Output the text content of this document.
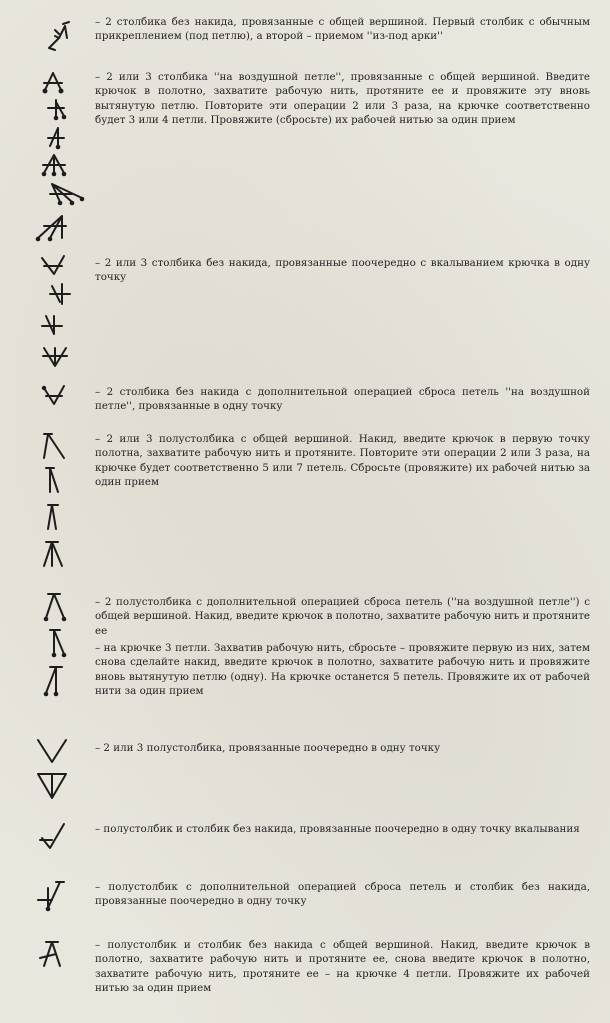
– 2 столбика без накида, провязанные с общей вершиной. Первый столбик с обычным прикреплением (под петлю), а второй – приемом ''из-под арки''

– 2 или 3 столбика ''на воздушной петле'', провязанные с общей вершиной. Введите крючок в полотно, захватите рабочую нить, протяните ее и провяжите эту вновь вытянутую петлю. Повторите эти операции 2 или 3 раза, на крючке соответственно будет 3 или 4 петли. Провяжите (сбросьте) их рабочей нитью за один прием

– 2 или 3 столбика без накида, провязанные поочередно с вкалыванием крючка в одну точку

– 2 столбика без накида с дополнительной операцией сброса петель ''на воздушной петле'', провязанные в одну точку

– 2 или 3 полустолбика с общей вершиной. Накид, введите крючок в первую точку полотна, захватите рабочую нить и протяните. Повторите эти операции 2 или 3 раза, на крючке будет соответственно 5 или 7 петель. Сбросьте (провяжите) их рабочей нитью за один прием

– 2 полустолбика с дополнительной операцией сброса петель (''на воздушной петле'') с общей вершиной. Накид, введите крючок в полотно, захватите рабочую нить и протяните ее

– на крючке 3 петли. Захватив рабочую нить, сбросьте – провяжите первую из них, затем снова сделайте накид, введите крючок в полотно, захватите рабочую нить и провяжите вновь вытянутую петлю (одну). На крючке останется 5 петель. Провяжите их от рабочей нити за один прием

– 2 или 3 полустолбика, провязанные поочередно в одну точку

– полустолбик и столбик без накида, провязанные поочередно в одну точку вкалывания

– полустолбик с дополнительной операцией сброса петель и столбик без накида, провязанные поочередно в одну точку

– полустолбик и столбик без накида с общей вершиной. Накид, введите крючок в полотно, захватите рабочую нить и протяните ее, снова введите крючок в полотно, захватите рабочую нить, протяните ее – на крючке 4 петли. Провяжите их рабочей нитью за один прием
